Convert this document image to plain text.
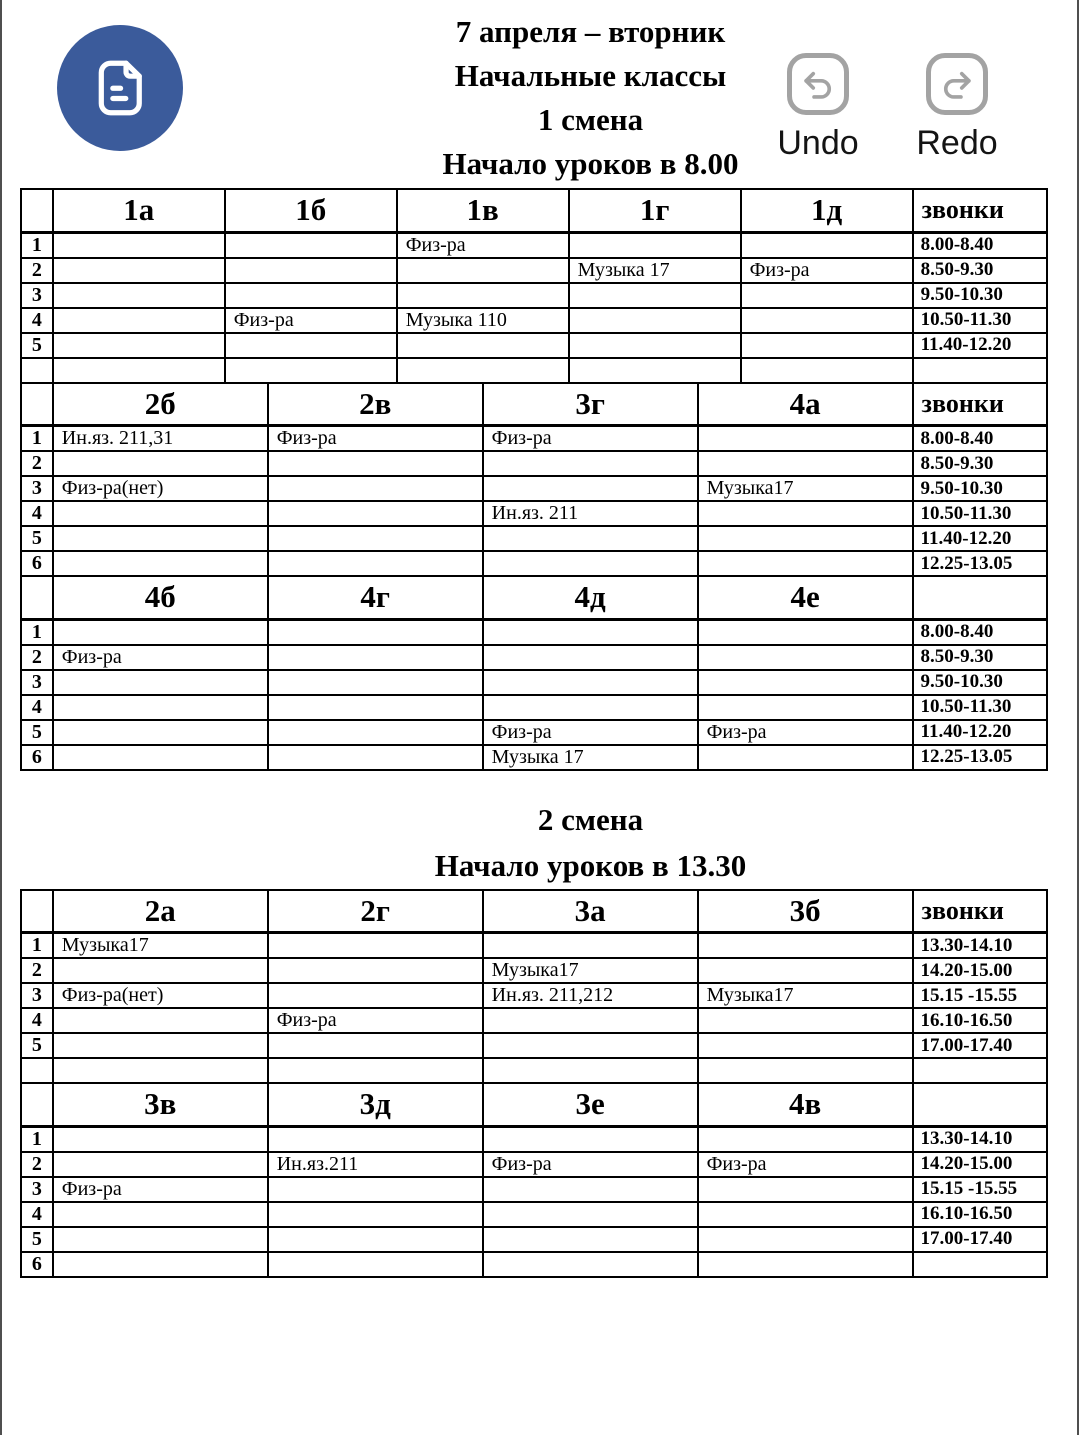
7 апреля – вторник
Начальные классы
1 смена
Начало уроков в 8.00
Undo Redo
	1а	1б	1в	1г	1д	звонки
1			Физ-ра			8.00-8.40
2				Музыка 17	Физ-ра	8.50-9.30
3						9.50-10.30
4		Физ-ра	Музыка 110			10.50-11.30
5						11.40-12.20

	2б	2в	3г	4а	звонки
1	Ин.яз. 211,31	Физ-ра	Физ-ра		8.00-8.40
2					8.50-9.30
3	Физ-ра(нет)			Музыка17	9.50-10.30
4			Ин.яз. 211		10.50-11.30
5					11.40-12.20
6					12.25-13.05
	4б	4г	4д	4е	
1					8.00-8.40
2	Физ-ра				8.50-9.30
3					9.50-10.30
4					10.50-11.30
5			Физ-ра	Физ-ра	11.40-12.20
6			Музыка 17		12.25-13.05
2 смена
Начало уроков в 13.30
	2а	2г	3а	3б	звонки
1	Музыка17				13.30-14.10
2			Музыка17		14.20-15.00
3	Физ-ра(нет)		Ин.яз. 211,212	Музыка17	15.15 -15.55
4		Физ-ра			16.10-16.50
5					17.00-17.40

	3в	3д	3е	4в	
1					13.30-14.10
2		Ин.яз.211	Физ-ра	Физ-ра	14.20-15.00
3	Физ-ра				15.15 -15.55
4					16.10-16.50
5					17.00-17.40
6					
